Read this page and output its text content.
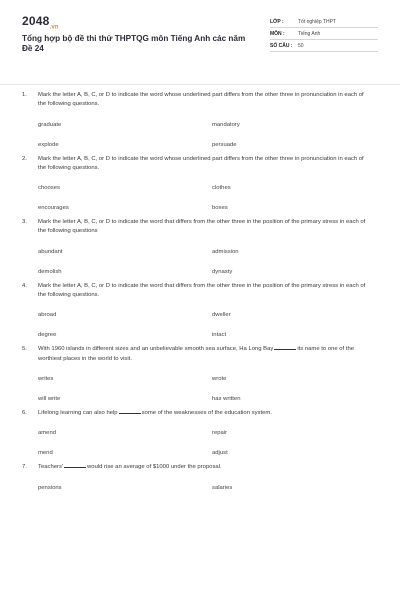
$2048_{.vn}$
Tổng hợp bộ đề thi thử THPTQG môn Tiếng Anh các năm
Đề 24
LỚP :	Tốt nghiệp THPT
MÔN :	Tiếng Anh
SỐ CÂU :	50
1.	Mark the letter A, B, C, or D to indicate the word whose underlined part differs from the other three in pronunciation in each of the following questions.
graduate	mandatory
explode	persuade
2.	Mark the letter A, B, C, or D to indicate the word whose underlined part differs from the other three in pronunciation in each of the following questions.
chooses	clothes
encourages	boxes
3.	Mark the letter A, B, C, or D to indicate the word that differs from the other three in the position of the primary stress in each of the following questions
abundant	admission
demolish	dynasty
4.	Mark the letter A, B, C, or D to indicate the word that differs from the other three in the position of the primary stress in each of the following questions.
abroad	dweller
degree	intact
5.	With 1960 islands in different sizes and an unbelievable smooth sea surface, Ha Long Bay	its name to one of the worthiest places in the world to visit.
writes	wrote
will write	has written
6.	Lifelong learning can also help	some of the weaknesses of the education system.
amend	repair
mend	adjust
7.	Teachers'	would rise an average of $1000 under the proposal.
pensions	salaries
